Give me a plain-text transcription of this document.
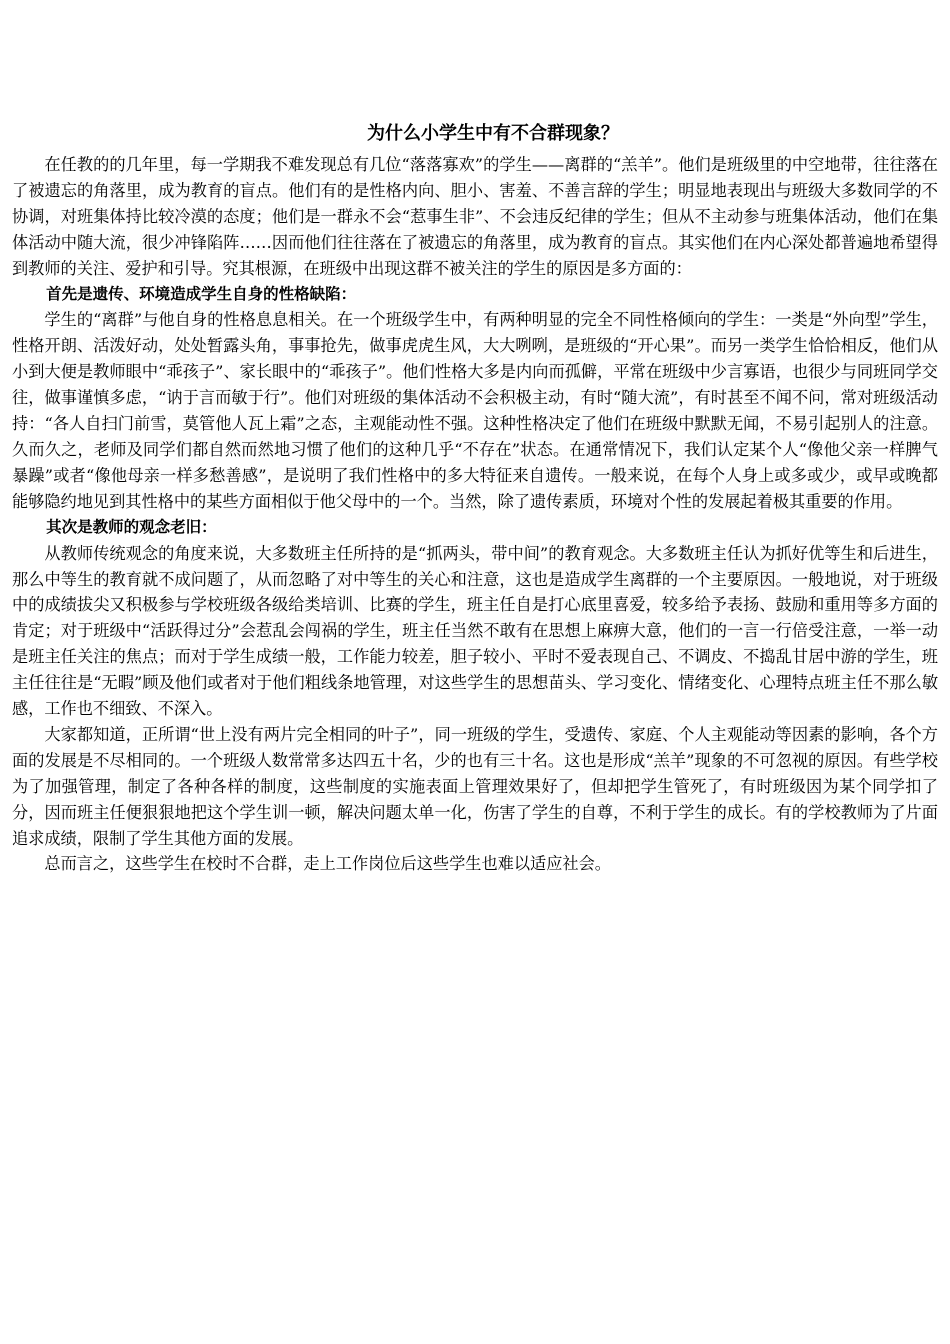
为什么小学生中有不合群现象？

在任教的的几年里，每一学期我不难发现总有几位“落落寡欢”的学生——离群的“羔羊”。他们是班级里的中空地带，往往落在了被遗忘的角落里，成为教育的盲点。他们有的是性格内向、胆小、害羞、不善言辞的学生；明显地表现出与班级大多数同学的不协调，对班集体持比较冷漠的态度；他们是一群永不会“惹事生非”、不会违反纪律的学生；但从不主动参与班集体活动，他们在集体活动中随大流，很少冲锋陷阵……因而他们往往落在了被遗忘的角落里，成为教育的盲点。其实他们在内心深处都普遍地希望得到教师的关注、爱护和引导。究其根源，在班级中出现这群不被关注的学生的原因是多方面的：

首先是遗传、环境造成学生自身的性格缺陷：

学生的“离群”与他自身的性格息息相关。在一个班级学生中，有两种明显的完全不同性格倾向的学生：一类是“外向型”学生，性格开朗、活泼好动，处处暂露头角，事事抢先，做事虎虎生风，大大咧咧，是班级的“开心果”。而另一类学生恰恰相反，他们从小到大便是教师眼中“乖孩子”、家长眼中的“乖孩子”。他们性格大多是内向而孤僻，平常在班级中少言寡语，也很少与同班同学交往，做事谨慎多虑，“讷于言而敏于行”。他们对班级的集体活动不会积极主动，有时“随大流”，有时甚至不闻不问，常对班级活动持：“各人自扫门前雪，莫管他人瓦上霜”之态，主观能动性不强。这种性格决定了他们在班级中默默无闻，不易引起别人的注意。久而久之，老师及同学们都自然而然地习惯了他们的这种几乎“不存在”状态。在通常情况下，我们认定某个人“像他父亲一样脾气暴躁”或者“像他母亲一样多愁善感”，是说明了我们性格中的多大特征来自遗传。一般来说，在每个人身上或多或少，或早或晚都能够隐约地见到其性格中的某些方面相似于他父母中的一个。当然，除了遗传素质，环境对个性的发展起着极其重要的作用。

其次是教师的观念老旧：

从教师传统观念的角度来说，大多数班主任所持的是“抓两头，带中间”的教育观念。大多数班主任认为抓好优等生和后进生，那么中等生的教育就不成问题了，从而忽略了对中等生的关心和注意，这也是造成学生离群的一个主要原因。一般地说，对于班级中的成绩拔尖又积极参与学校班级各级给类培训、比赛的学生，班主任自是打心底里喜爱，较多给予表扬、鼓励和重用等多方面的肯定；对于班级中“活跃得过分”会惹乱会闯祸的学生，班主任当然不敢有在思想上麻痹大意，他们的一言一行倍受注意，一举一动是班主任关注的焦点；而对于学生成绩一般，工作能力较差，胆子较小、平时不爱表现自己、不调皮、不捣乱甘居中游的学生，班主任往往是“无暇”顾及他们或者对于他们粗线条地管理，对这些学生的思想苗头、学习变化、情绪变化、心理特点班主任不那么敏感，工作也不细致、不深入。

大家都知道，正所谓“世上没有两片完全相同的叶子”，同一班级的学生，受遗传、家庭、个人主观能动等因素的影响，各个方面的发展是不尽相同的。一个班级人数常常多达四五十名，少的也有三十名。这也是形成“羔羊”现象的不可忽视的原因。有些学校为了加强管理，制定了各种各样的制度，这些制度的实施表面上管理效果好了，但却把学生管死了，有时班级因为某个同学扣了分，因而班主任便狠狠地把这个学生训一顿，解决问题太单一化，伤害了学生的自尊，不利于学生的成长。有的学校教师为了片面追求成绩，限制了学生其他方面的发展。

总而言之，这些学生在校时不合群，走上工作岗位后这些学生也难以适应社会。
